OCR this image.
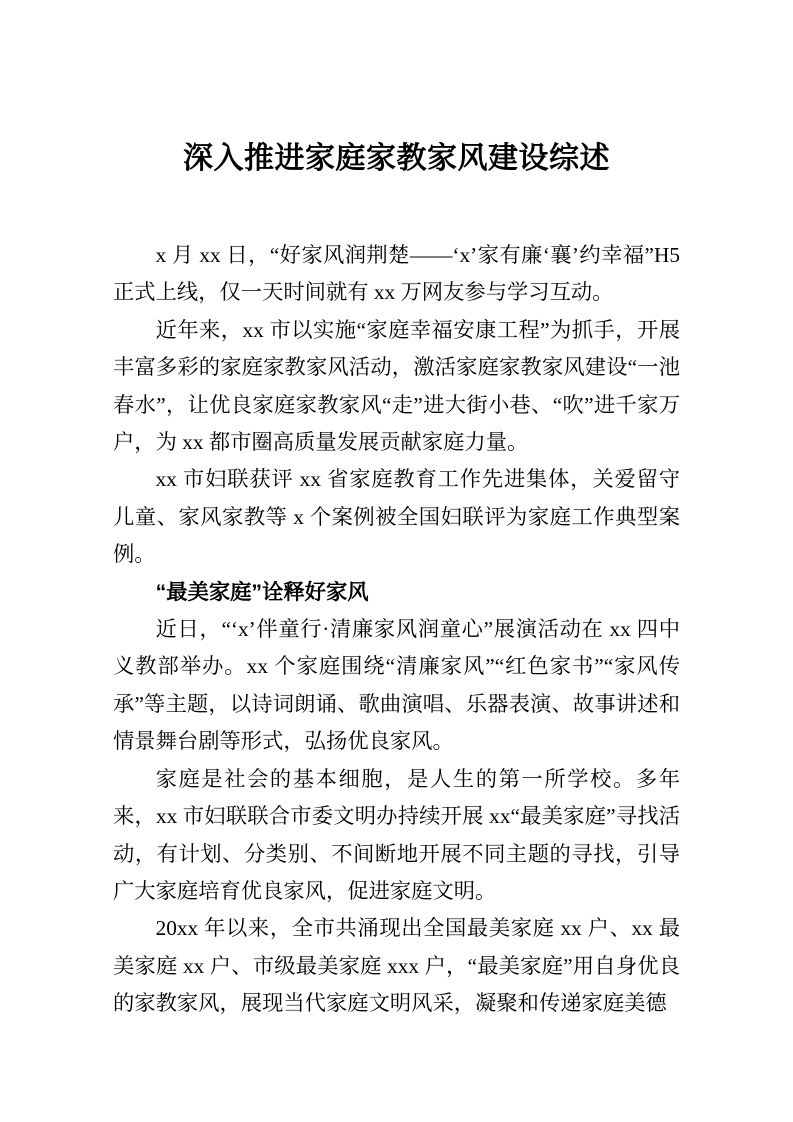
深入推进家庭家教家风建设综述

x 月 xx 日，“好家风润荆楚——‘x’家有廉‘襄’约幸福”H5 正式上线，仅一天时间就有 xx 万网友参与学习互动。

近年来，xx 市以实施“家庭幸福安康工程”为抓手，开展丰富多彩的家庭家教家风活动，激活家庭家教家风建设“一池春水”，让优良家庭家教家风“走”进大街小巷、“吹”进千家万户，为 xx 都市圈高质量发展贡献家庭力量。

xx 市妇联获评 xx 省家庭教育工作先进集体，关爱留守儿童、家风家教等 x 个案例被全国妇联评为家庭工作典型案例。

“最美家庭”诠释好家风

近日，“‘x’伴童行·清廉家风润童心”展演活动在 xx 四中义教部举办。xx 个家庭围绕“清廉家风”“红色家书”“家风传承”等主题，以诗词朗诵、歌曲演唱、乐器表演、故事讲述和情景舞台剧等形式，弘扬优良家风。

家庭是社会的基本细胞，是人生的第一所学校。多年来，xx 市妇联联合市委文明办持续开展 xx“最美家庭”寻找活动，有计划、分类别、不间断地开展不同主题的寻找，引导广大家庭培育优良家风，促进家庭文明。

20xx 年以来，全市共涌现出全国最美家庭 xx 户、xx 最美家庭 xx 户、市级最美家庭 xxx 户，“最美家庭”用自身优良的家教家风，展现当代家庭文明风采，凝聚和传递家庭美德
